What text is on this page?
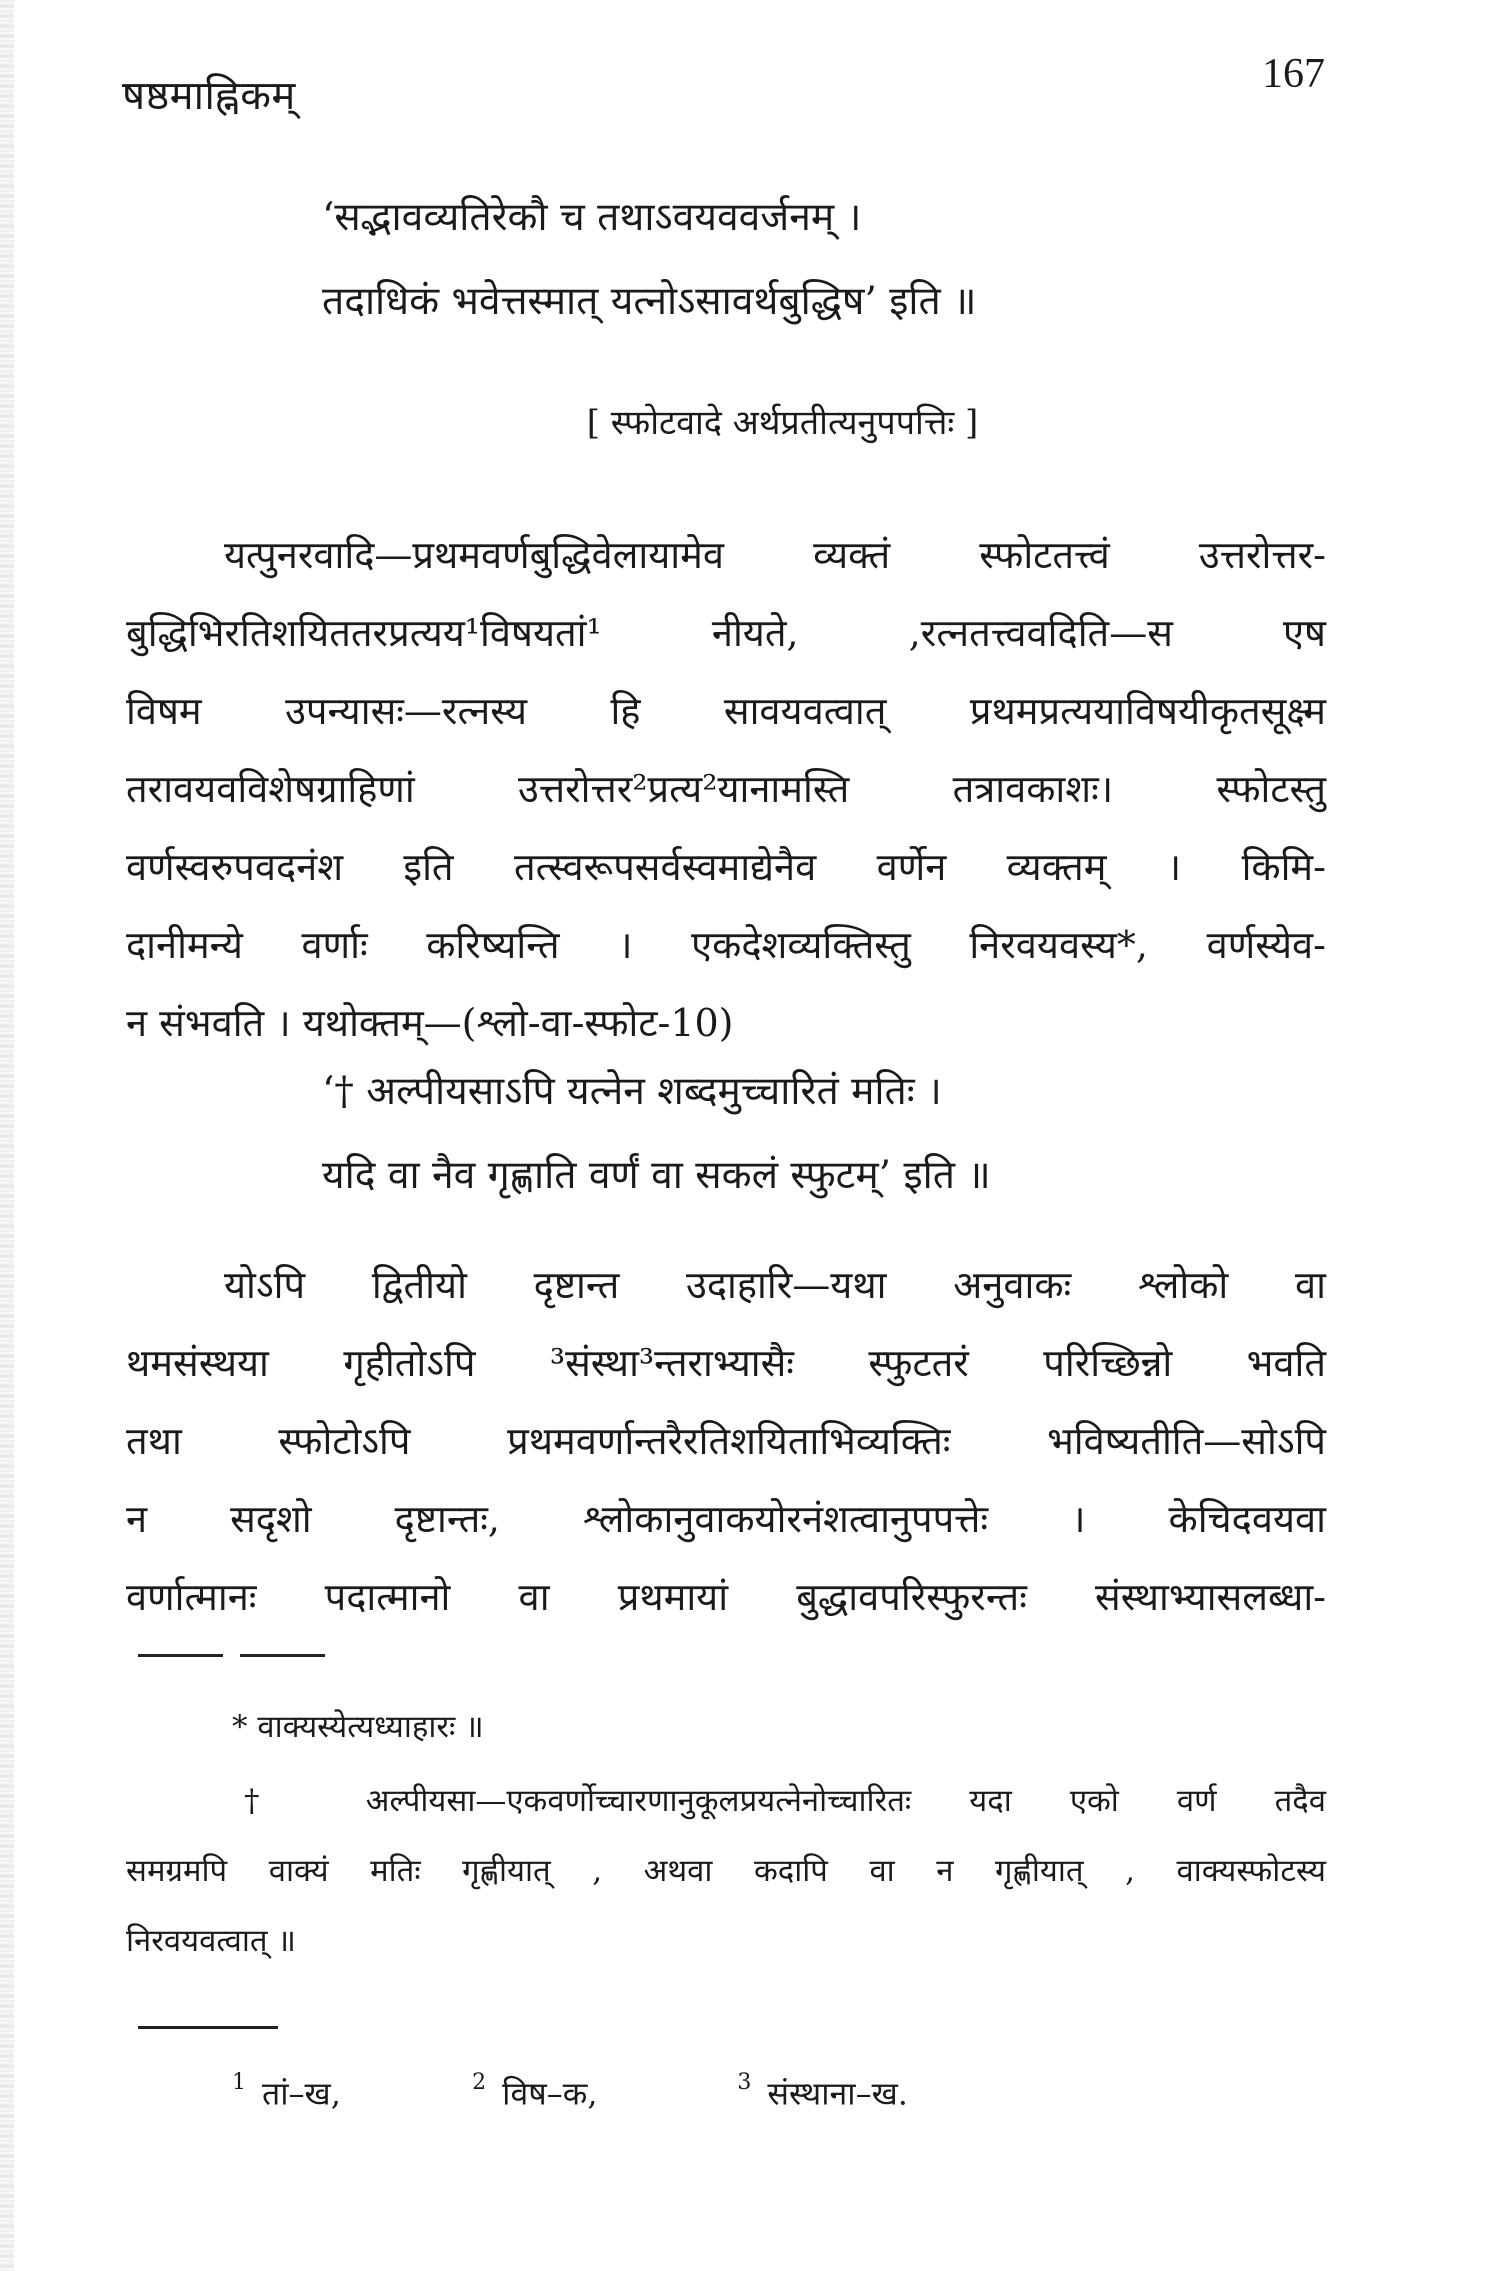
षष्ठमाह्निकम्	167
‘सद्भावव्यतिरेकौ च तथाऽवयववर्जनम् ।
तदाधिकं भवेत्तस्मात् यत्नोऽसावर्थबुद्धिष’ इति ॥
[ स्फोटवादे अर्थप्रतीत्यनुपपत्तिः ]
यत्पुनरवादि—प्रथमवर्णबुद्धिवेलायामेव व्यक्तं स्फोटतत्त्वं उत्तरोत्तर-
बुद्धिभिरतिशयिततरप्रत्यय¹विषयतां¹ नीयते, ,रत्नतत्त्ववदिति—स एष
विषम उपन्यासः—रत्नस्य हि सावयवत्वात् प्रथमप्रत्ययाविषयीकृतसूक्ष्म
तरावयवविशेषग्राहिणां उत्तरोत्तर²प्रत्य²यानामस्ति तत्रावकाशः। स्फोटस्तु
वर्णस्वरुपवदनंश इति तत्स्वरूपसर्वस्वमाद्येनैव वर्णेन व्यक्तम् । किमि-
दानीमन्ये वर्णाः करिष्यन्ति । एकदेशव्यक्तिस्तु निरवयवस्य*, वर्णस्येव-
न संभवति । यथोक्तम्—(श्लो-वा-स्फोट-10)
‘† अल्पीयसाऽपि यत्नेन शब्दमुच्चारितं मतिः ।
यदि वा नैव गृह्णाति वर्णं वा सकलं स्फुटम्’ इति ॥
योऽपि द्वितीयो दृष्टान्त उदाहारि—यथा अनुवाकः श्लोको वा
थमसंस्थया गृहीतोऽपि ³संस्था³न्तराभ्यासैः स्फुटतरं परिच्छिन्नो भवति
तथा स्फोटोऽपि प्रथमवर्णान्तरैरतिशयिताभिव्यक्तिः भविष्यतीति—सोऽपि
न सदृशो दृष्टान्तः, श्लोकानुवाकयोरनंशत्वानुपपत्तेः । केचिदवयवा
वर्णात्मानः पदात्मानो वा प्रथमायां बुद्धावपरिस्फुरन्तः संस्थाभ्यासलब्धा-
* वाक्यस्येत्यध्याहारः ॥
† अल्पीयसा—एकवर्णोच्चारणानुकूलप्रयत्नेनोच्चारितः यदा एको वर्ण तदैव
समग्रमपि वाक्यं मतिः गृह्णीयात् , अथवा कदापि वा न गृह्णीयात् , वाक्यस्फोटस्य
निरवयवत्वात् ॥
$^1$ तां–ख,	$^2$ विष–क,	$^3$ संस्थाना–ख.
